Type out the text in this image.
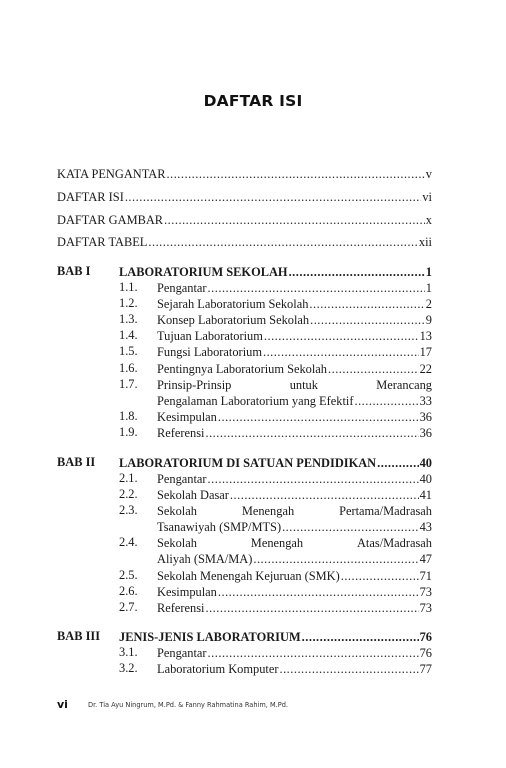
DAFTAR ISI
KATA PENGANTAR .....	v
DAFTAR ISI .....	vi
DAFTAR GAMBAR .....	x
DAFTAR TABEL .....	xii
BAB I LABORATORIUM SEKOLAH .....	1
1.1. Pengantar .....	1
1.2. Sejarah Laboratorium Sekolah .....	2
1.3. Konsep Laboratorium Sekolah .....	9
1.4. Tujuan Laboratorium .....	13
1.5. Fungsi Laboratorium .....	17
1.6. Pentingnya Laboratorium Sekolah .....	22
1.7. Prinsip-Prinsip	untuk	Merancang
Pengalaman Laboratorium yang Efektif .....	33
1.8. Kesimpulan .....	36
1.9. Referensi .....	36
BAB II LABORATORIUM DI SATUAN PENDIDIKAN .....	40
2.1. Pengantar .....	40
2.2. Sekolah Dasar .....	41
2.3. Sekolah	Menengah	Pertama/Madrasah
Tsanawiyah (SMP/MTS) .....	43
2.4. Sekolah	Menengah	Atas/Madrasah
Aliyah (SMA/MA) .....	47
2.5. Sekolah Menengah Kejuruan (SMK) .....	71
2.6. Kesimpulan .....	73
2.7. Referensi .....	73
BAB III JENIS-JENIS LABORATORIUM .....	76
3.1. Pengantar .....	76
3.2. Laboratorium Komputer .....	77
vi	Dr. Tia Ayu Ningrum, M.Pd. & Fanny Rahmatina Rahim, M.Pd.
